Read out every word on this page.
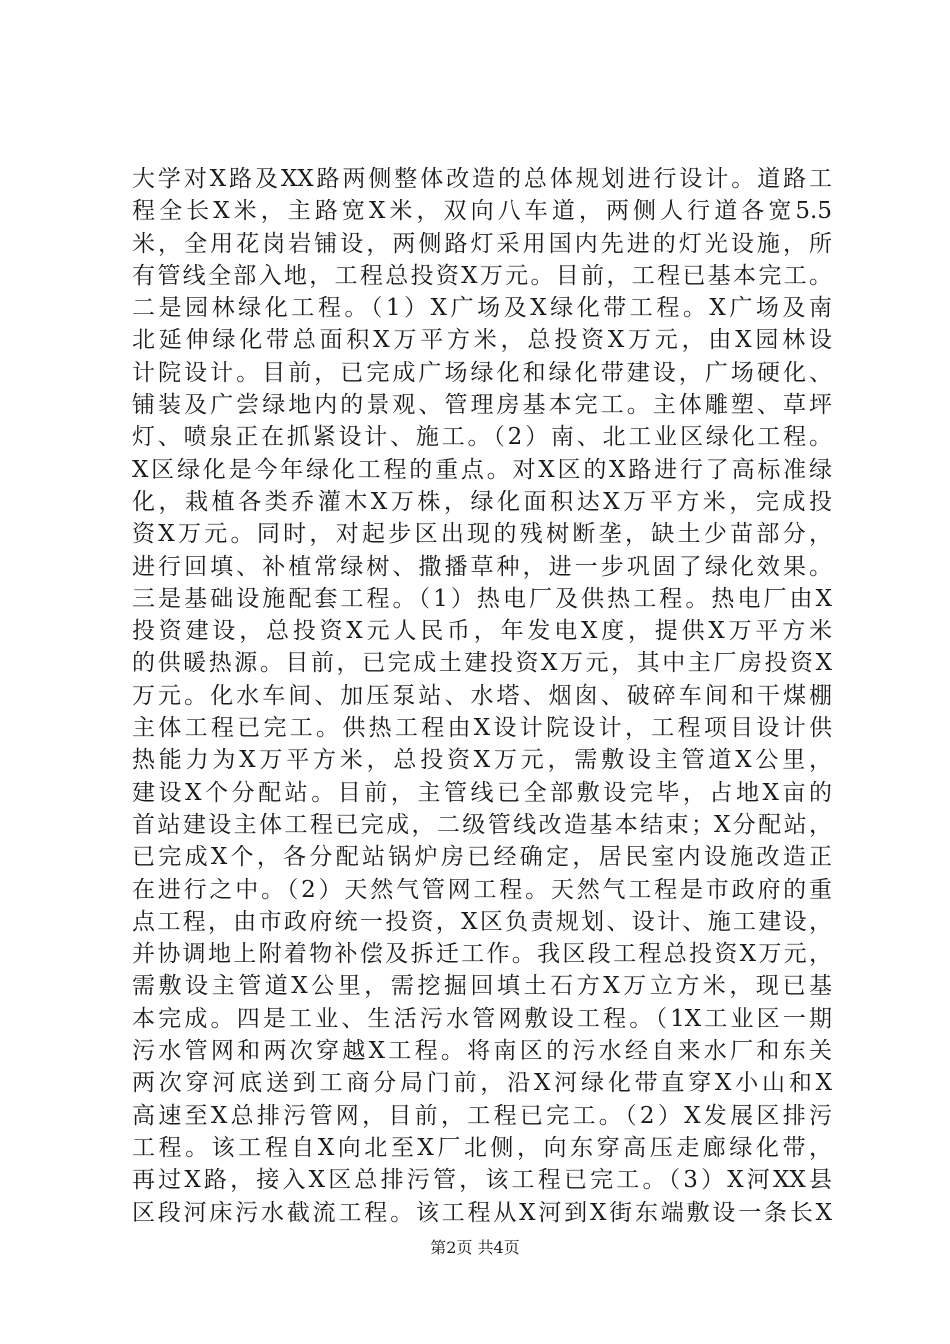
大学对X路及XX路两侧整体改造的总体规划进行设计。道路工
程全长X米，主路宽X米，双向八车道，两侧人行道各宽5.5
米，全用花岗岩铺设，两侧路灯采用国内先进的灯光设施，所
有管线全部入地，工程总投资X万元。目前，工程已基本完工。
二是园林绿化工程。（1）X广场及X绿化带工程。X广场及南
北延伸绿化带总面积X万平方米，总投资X万元，由X园林设
计院设计。目前，已完成广场绿化和绿化带建设，广场硬化、
铺装及广尝绿地内的景观、管理房基本完工。主体雕塑、草坪
灯、喷泉正在抓紧设计、施工。（2）南、北工业区绿化工程。
X区绿化是今年绿化工程的重点。对X区的X路进行了高标准绿
化，栽植各类乔灌木X万株，绿化面积达X万平方米，完成投
资X万元。同时，对起步区出现的残树断垄，缺土少苗部分，
进行回填、补植常绿树、撒播草种，进一步巩固了绿化效果。
三是基础设施配套工程。（1）热电厂及供热工程。热电厂由X
投资建设，总投资X元人民币，年发电X度，提供X万平方米
的供暖热源。目前，已完成土建投资X万元，其中主厂房投资X
万元。化水车间、加压泵站、水塔、烟囱、破碎车间和干煤棚
主体工程已完工。供热工程由X设计院设计，工程项目设计供
热能力为X万平方米，总投资X万元，需敷设主管道X公里，
建设X个分配站。目前，主管线已全部敷设完毕，占地X亩的
首站建设主体工程已完成，二级管线改造基本结束；X分配站，
已完成X个，各分配站锅炉房已经确定，居民室内设施改造正
在进行之中。（2）天然气管网工程。天然气工程是市政府的重
点工程，由市政府统一投资，X区负责规划、设计、施工建设，
并协调地上附着物补偿及拆迁工作。我区段工程总投资X万元，
需敷设主管道X公里，需挖掘回填土石方X万立方米，现已基
本完成。四是工业、生活污水管网敷设工程。（1X工业区一期
污水管网和两次穿越X工程。将南区的污水经自来水厂和东关
两次穿河底送到工商分局门前，沿X河绿化带直穿X小山和X
高速至X总排污管网，目前，工程已完工。（2）X发展区排污
工程。该工程自X向北至X厂北侧，向东穿高压走廊绿化带，
再过X路，接入X区总排污管，该工程已完工。（3）X河XX县
区段河床污水截流工程。该工程从X河到X街东端敷设一条长X
第2页 共4页
